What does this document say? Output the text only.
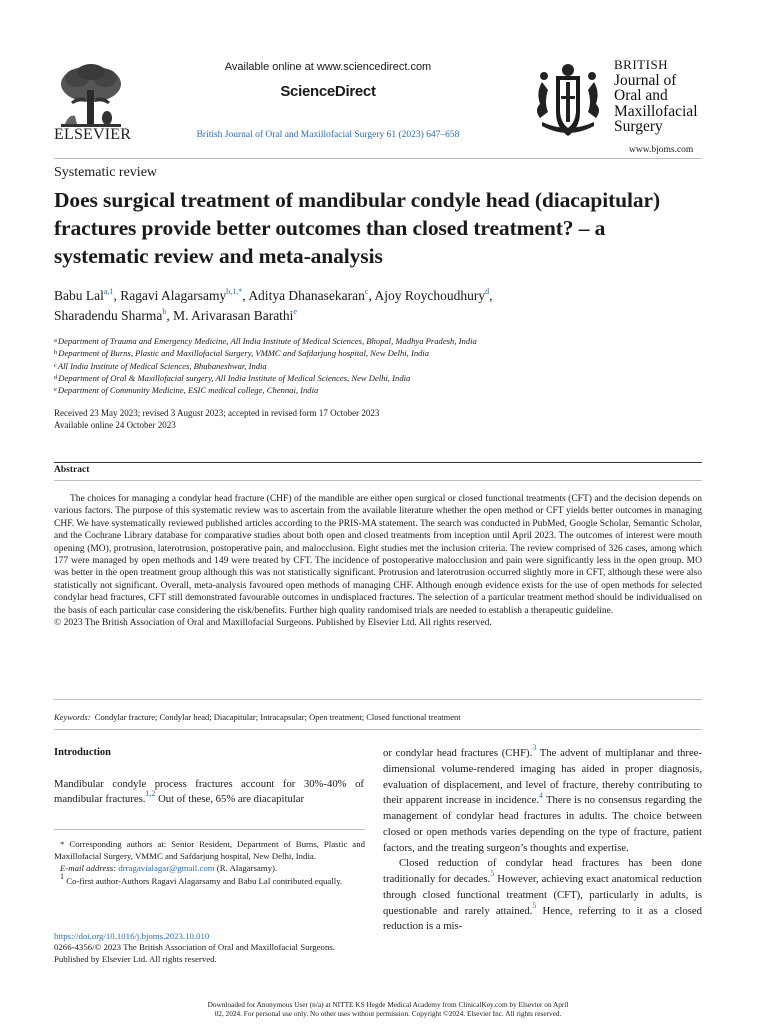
ELSEVIER
Available online at www.sciencedirect.com
ScienceDirect
British Journal of Oral and Maxillofacial Surgery 61 (2023) 647–658
BRITISH
Journal of
Oral and
Maxillofacial
Surgery
www.bjoms.com
Systematic review
Does surgical treatment of mandibular condyle head (diacapitular) fractures provide better outcomes than closed treatment? – a systematic review and meta-analysis
Babu Lal$^{a,1}$, Ragavi Alagarsamy$^{b,1,*}$, Aditya Dhanasekaran$^c$, Ajoy Roychoudhury$^d$,
Sharadendu Sharma$^b$, M. Arivarasan Barathi$^e$
$^a$Department of Trauma and Emergency Medicine, All India Institute of Medical Sciences, Bhopal, Madhya Pradesh, India
$^b$Department of Burns, Plastic and Maxillofacial Surgery, VMMC and Safdarjung hospital, New Delhi, India
$^c$All India Institute of Medical Sciences, Bhubaneshwar, India
$^d$Department of Oral & Maxillofacial surgery, All India Institute of Medical Sciences, New Delhi, India
$^e$Department of Community Medicine, ESIC medical college, Chennai, India
Received 23 May 2023; revised 3 August 2023; accepted in revised form 17 October 2023
Available online 24 October 2023
Abstract

The choices for managing a condylar head fracture (CHF) of the mandible are either open surgical or closed functional treatments (CFT) and the decision depends on various factors. The purpose of this systematic review was to ascertain from the available literature whether the open method or CFT yields better outcomes in managing CHF. We have systematically reviewed published articles according to the PRIS-MA statement. The search was conducted in PubMed, Google Scholar, Semantic Scholar, and the Cochrane Library database for comparative studies about both open and closed treatments from inception until April 2023. The outcomes of interest were mouth opening (MO), protrusion, laterotrusion, postoperative pain, and malocclusion. Eight studies met the inclusion criteria. The review comprised of 326 cases, among which 177 were managed by open methods and 149 were treated by CFT. The incidence of postoperative malocclusion and pain were significantly less in the open group. MO was better in the open treatment group although this was not statistically significant. Protrusion and laterotrusion occurred slightly more in CFT, although these were also statistically not significant. Overall, meta-analysis favoured open methods of managing CHF. Although enough evidence exists for the use of open methods for selected condylar head fractures, CFT still demonstrated favourable outcomes in undisplaced fractures. The selection of a particular treatment method should be individualised on the basis of each particular case considering the risk/benefits. Further high quality randomised trials are needed to establish a therapeutic guideline.

© 2023 The British Association of Oral and Maxillofacial Surgeons. Published by Elsevier Ltd. All rights reserved.

Keywords: Condylar fracture; Condylar head; Diacapitular; Intracapsular; Open treatment; Closed functional treatment
Introduction
Mandibular condyle process fractures account for 30%-40% of mandibular fractures.$^{1,2}$ Out of these, 65% are diacapitular

* Corresponding authors at: Senior Resident, Department of Burns, Plastic and Maxillofacial Surgery, VMMC and Safdarjung hospital, New Delhi, India.

E-mail address: drragavialagar@gmail.com (R. Alagarsamy).

$^1$ Co-first author-Authors Ragavi Alagarsamy and Babu Lal contributed equally.

https://doi.org/10.1016/j.bjoms.2023.10.010
0266-4356/© 2023 The British Association of Oral and Maxillofacial Surgeons. Published by Elsevier Ltd. All rights reserved.

or condylar head fractures (CHF).$^3$ The advent of multiplanar and three-dimensional volume-rendered imaging has aided in proper diagnosis, evaluation of displacement, and level of fracture, thereby contributing to their apparent increase in incidence.$^4$ There is no consensus regarding the management of condylar head fractures in adults. The choice between closed or open methods varies depending on the type of fracture, patient factors, and the treating surgeon’s thoughts and expertise.

Closed reduction of condylar head fractures has been done traditionally for decades.$^5$ However, achieving exact anatomical reduction through closed functional treatment (CFT), particularly in adults, is questionable and rarely attained.$^5$ Hence, referring to it as a closed reduction is a mis-

Downloaded for Anonymous User (n/a) at NITTE KS Hegde Medical Academy from ClinicalKey.com by Elsevier on April
02, 2024. For personal use only. No other uses without permission. Copyright ©2024. Elsevier Inc. All rights reserved.
